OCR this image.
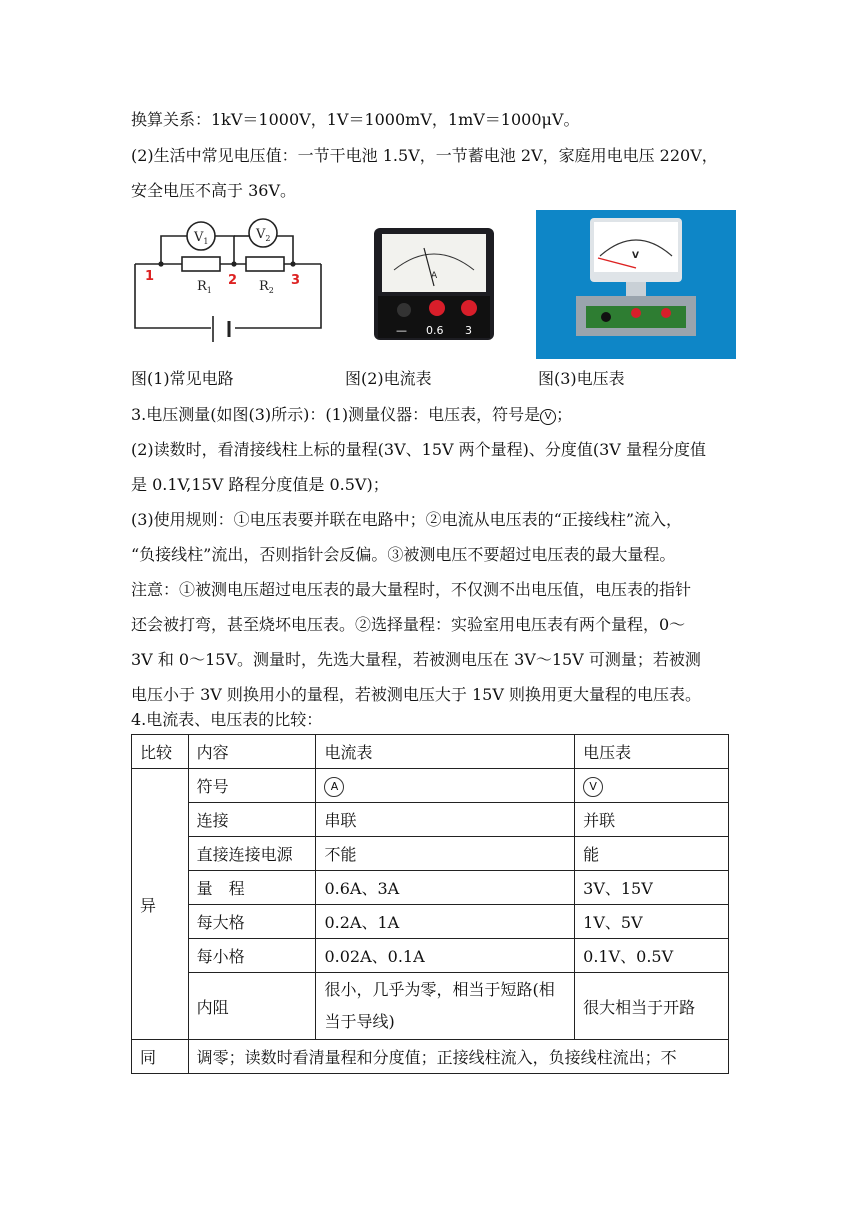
换算关系：1kV＝1000V，1V＝1000mV，1mV＝1000μV。
(2)生活中常见电压值：一节干电池 1.5V，一节蓄电池 2V，家庭用电电压 220V，
安全电压不高于 36V。
$V_1$	$V_2$
$R_1$	$R_2$
1	2	3	A
— 0.6 3
V
图(1)常见电路	图(2)电流表	图(3)电压表
3.电压测量(如图(3)所示)：(1)测量仪器：电压表，符号是 V ；
(2)读数时，看清接线柱上标的量程(3V、15V 两个量程)、分度值(3V 量程分度值
是 0.1V,15V 路程分度值是 0.5V)；
(3)使用规则：①电压表要并联在电路中；②电流从电压表的“正接线柱”流入，
“负接线柱”流出，否则指针会反偏。③被测电压不要超过电压表的最大量程。
注意：①被测电压超过电压表的最大量程时，不仅测不出电压值，电压表的指针
还会被打弯，甚至烧坏电压表。②选择量程：实验室用电压表有两个量程，0～
3V 和 0～15V。测量时，先选大量程，若被测电压在 3V～15V 可测量；若被测
电压小于 3V 则换用小的量程，若被测电压大于 15V 则换用更大量程的电压表。
4.电流表、电压表的比较：
比较	内容	电流表	电压表
异	符号	A	V
	连接	串联	并联
	直接连接电源	不能	能
	量　程	0.6A、3A	3V、15V
	每大格	0.2A、1A	1V、5V
	每小格	0.02A、0.1A	0.1V、0.5V
	内阻	很小，几乎为零，相当于短路(相当于导线)	很大相当于开路
同	调零；读数时看清量程和分度值；正接线柱流入，负接线柱流出；不		
